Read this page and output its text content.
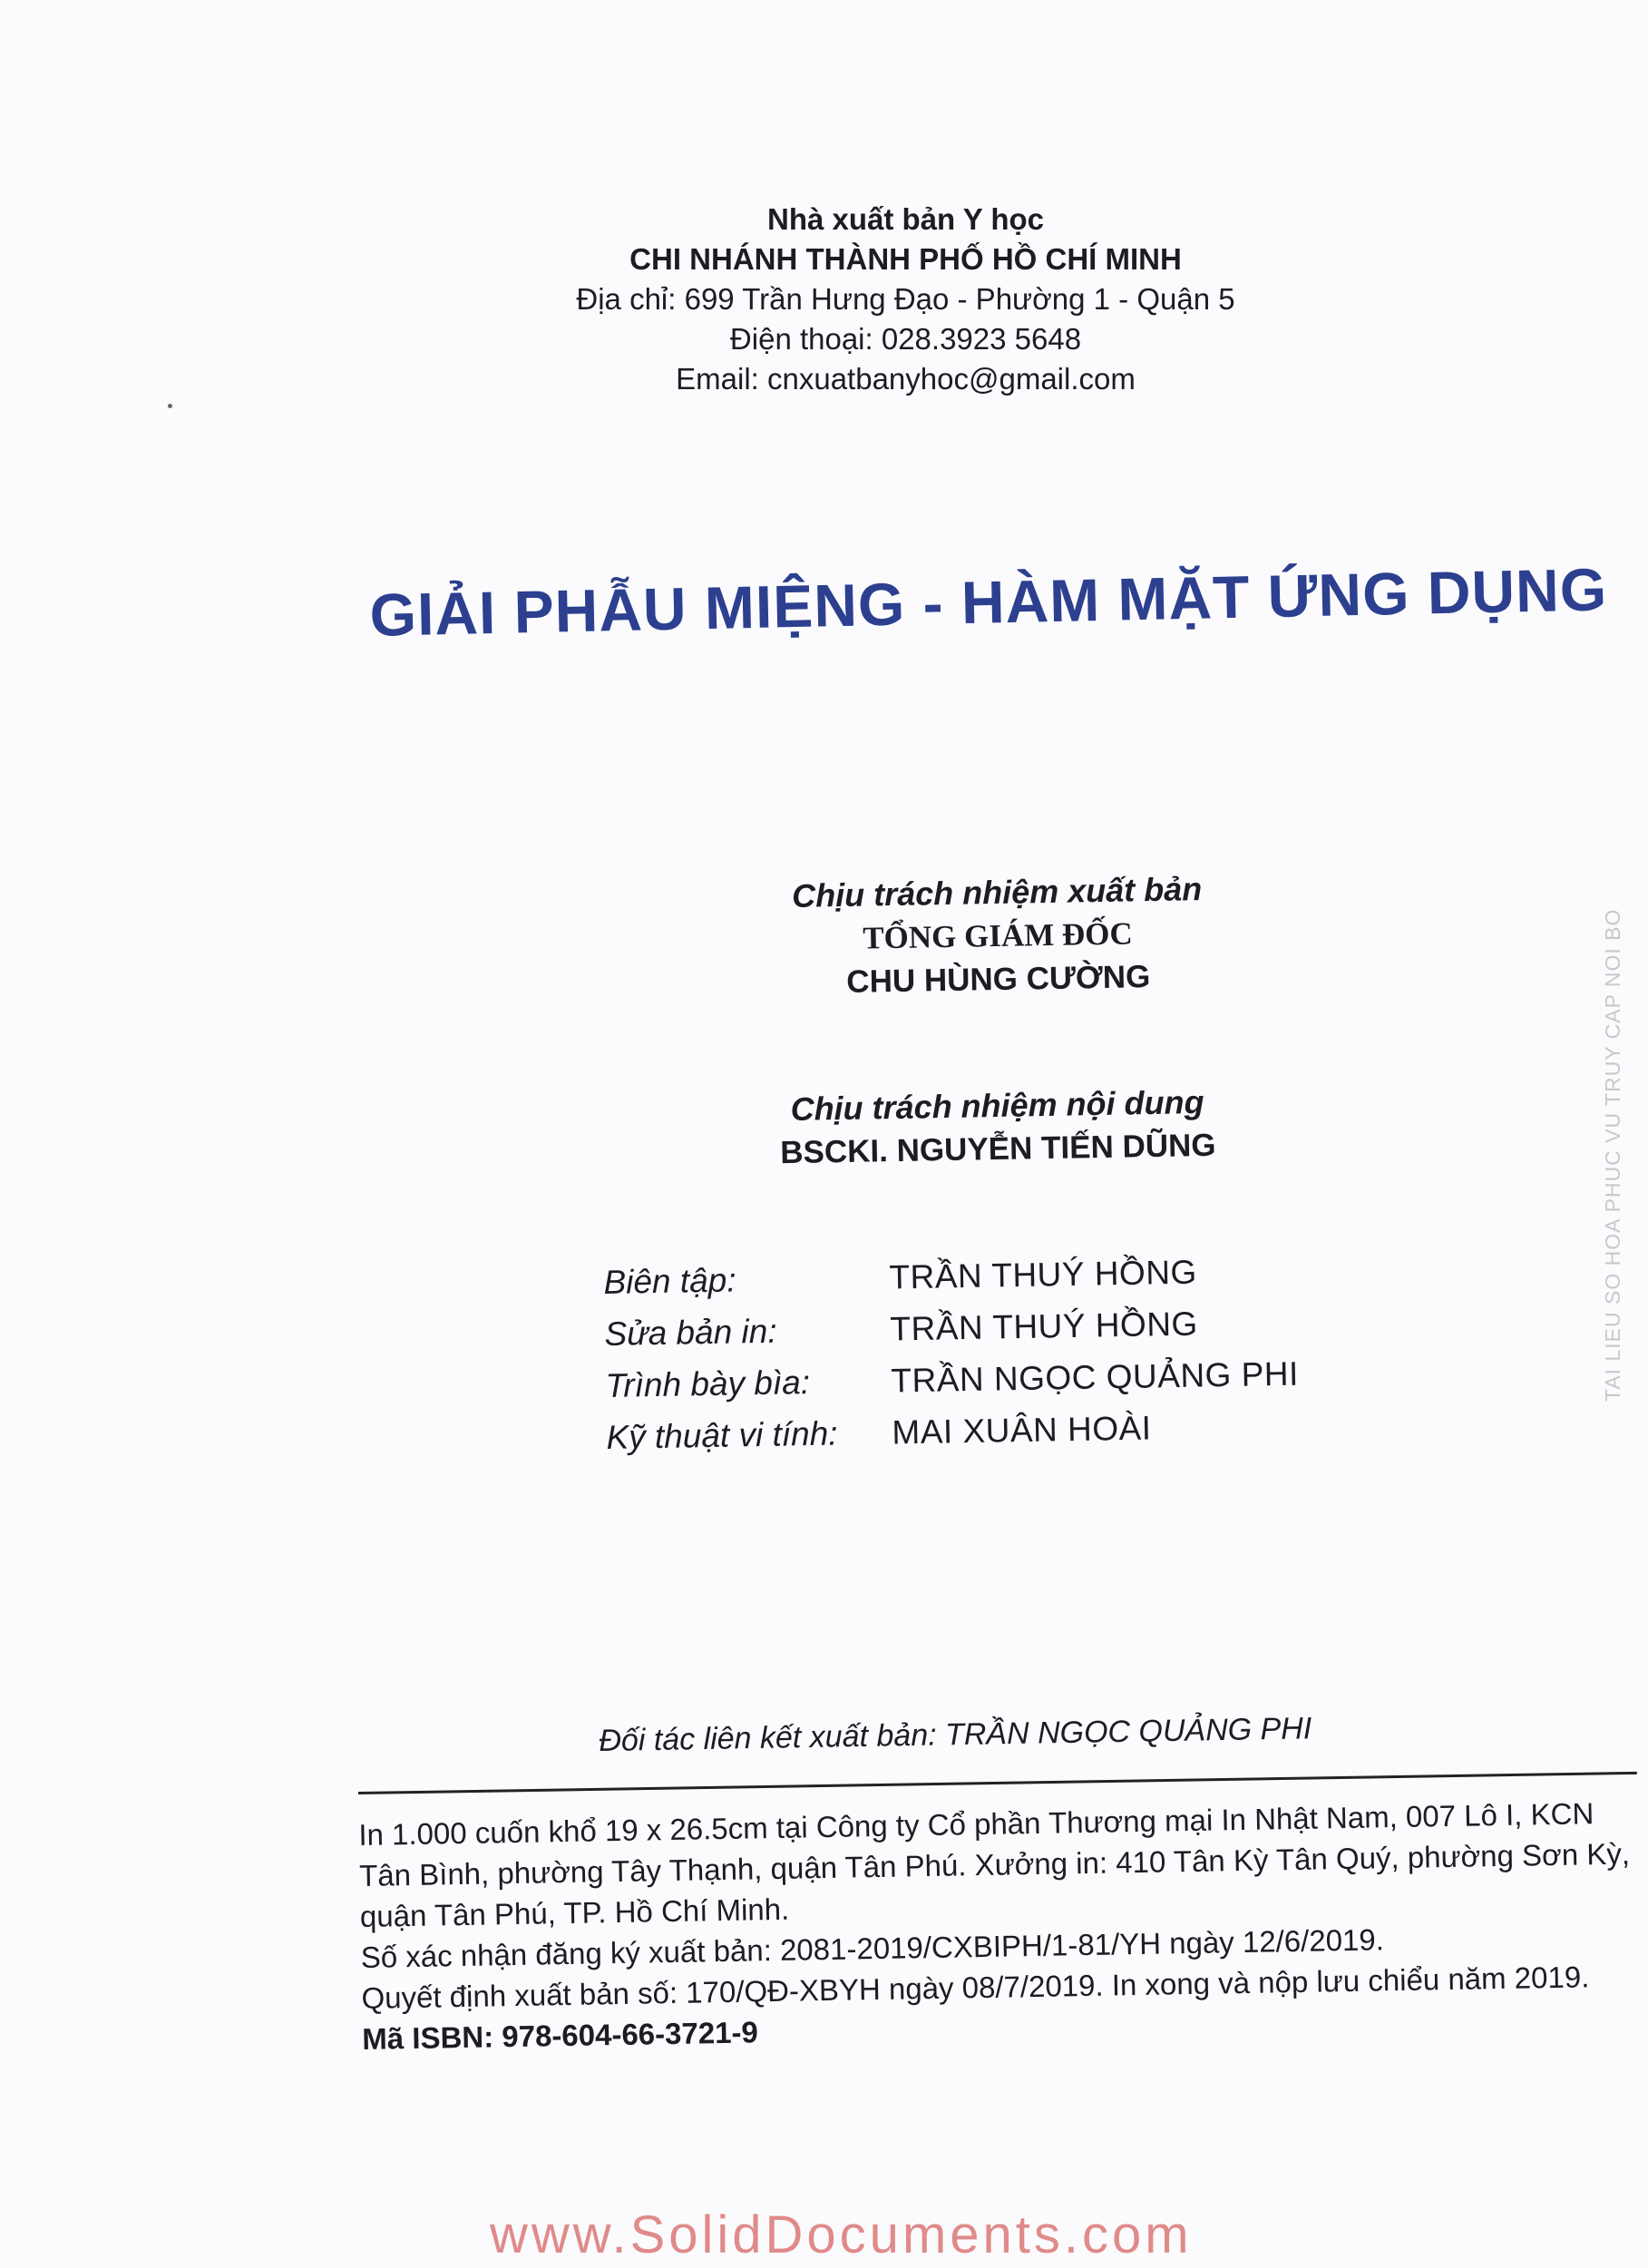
Nhà xuất bản Y học
CHI NHÁNH THÀNH PHỐ HỒ CHÍ MINH
Địa chỉ: 699 Trần Hưng Đạo - Phường 1 - Quận 5
Điện thoại: 028.3923 5648
Email: cnxuatbanyhoc@gmail.com
GIẢI PHẪU MIỆNG - HÀM MẶT ỨNG DỤNG
Chịu trách nhiệm xuất bản
TỔNG GIÁM ĐỐC
CHU HÙNG CƯỜNG
Chịu trách nhiệm nội dung
BSCKI. NGUYỄN TIẾN DŨNG
Biên tập:	TRẦN THUÝ HỒNG
Sửa bản in:	TRẦN THUÝ HỒNG
Trình bày bìa:	TRẦN NGỌC QUẢNG PHI
Kỹ thuật vi tính:	MAI XUÂN HOÀI
Đối tác liên kết xuất bản: TRẦN NGỌC QUẢNG PHI
In 1.000 cuốn khổ 19 x 26.5cm tại Công ty Cổ phần Thương mại In Nhật Nam, 007 Lô I, KCN Tân Bình, phường Tây Thạnh, quận Tân Phú. Xưởng in: 410 Tân Kỳ Tân Quý, phường Sơn Kỳ, quận Tân Phú, TP. Hồ Chí Minh.
Số xác nhận đăng ký xuất bản: 2081-2019/CXBIPH/1-81/YH ngày 12/6/2019.
Quyết định xuất bản số: 170/QĐ-XBYH ngày 08/7/2019. In xong và nộp lưu chiểu năm 2019.
Mã ISBN: 978-604-66-3721-9
TAI LIEU SO HOA PHUC VU TRUY CAP NOI BO
www.SolidDocuments.com
